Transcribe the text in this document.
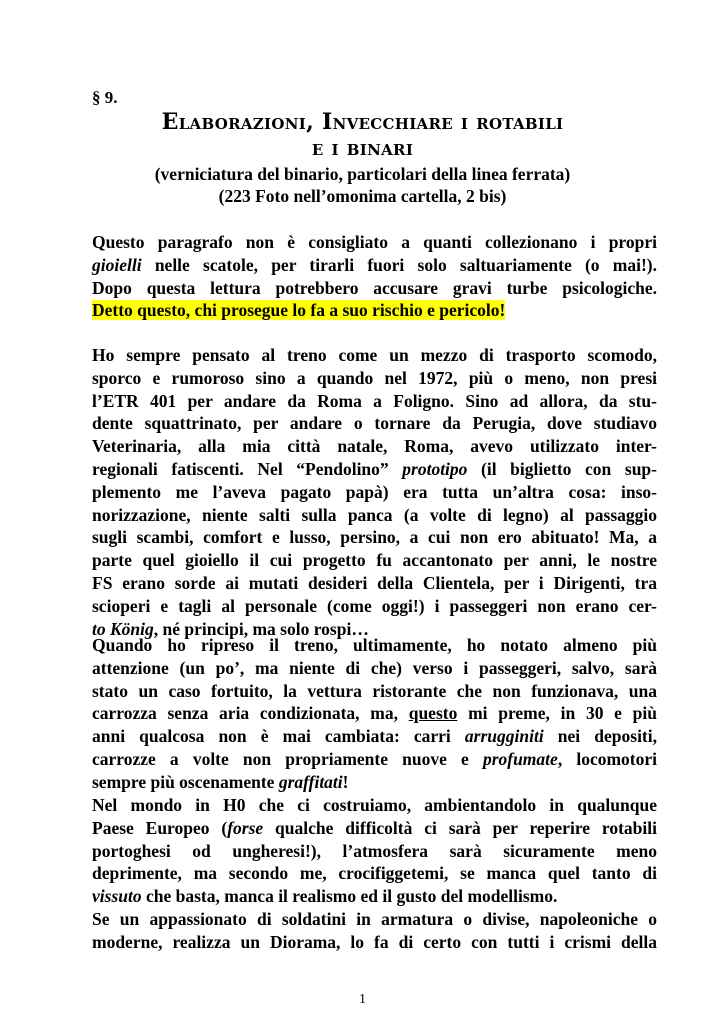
§ 9.
Elaborazioni, Invecchiare i rotabili
e i binari
(verniciatura del binario, particolari della linea ferrata)
(223 Foto nell’omonima cartella, 2 bis)
Questo paragrafo non è consigliato a quanti collezionano i propri
gioielli nelle scatole, per tirarli fuori solo saltuariamente (o mai!).
Dopo questa lettura potrebbero accusare gravi turbe psicologiche.
Detto questo, chi prosegue lo fa a suo rischio e pericolo!
Ho sempre pensato al treno come un mezzo di trasporto scomodo,
sporco e rumoroso sino a quando nel 1972, più o meno, non presi
l’ETR 401 per andare da Roma a Foligno. Sino ad allora, da stu-
dente squattrinato, per andare o tornare da Perugia, dove studiavo
Veterinaria, alla mia città natale, Roma, avevo utilizzato inter-
regionali fatiscenti. Nel “Pendolino” prototipo (il biglietto con sup-
plemento me l’aveva pagato papà) era tutta un’altra cosa: inso-
norizzazione, niente salti sulla panca (a volte di legno) al passaggio
sugli scambi, comfort e lusso, persino, a cui non ero abituato! Ma, a
parte quel gioiello il cui progetto fu accantonato per anni, le nostre
FS erano sorde ai mutati desideri della Clientela, per i Dirigenti, tra
scioperi e tagli al personale (come oggi!) i passeggeri non erano cer-
to König, né principi, ma solo rospi…
Quando ho ripreso il treno, ultimamente, ho notato almeno più
attenzione (un po’, ma niente di che) verso i passeggeri, salvo, sarà
stato un caso fortuito, la vettura ristorante che non funzionava, una
carrozza senza aria condizionata, ma, questo mi preme, in 30 e più
anni qualcosa non è mai cambiata: carri arrugginiti nei depositi,
carrozze a volte non propriamente nuove e profumate, locomotori
sempre più oscenamente graffitati!
Nel mondo in H0 che ci costruiamo, ambientandolo in qualunque
Paese Europeo (forse qualche difficoltà ci sarà per reperire rotabili
portoghesi od ungheresi!), l’atmosfera sarà sicuramente meno
deprimente, ma secondo me, crocifiggetemi, se manca quel tanto di
vissuto che basta, manca il realismo ed il gusto del modellismo.
Se un appassionato di soldatini in armatura o divise, napoleoniche o
moderne, realizza un Diorama, lo fa di certo con tutti i crismi della
1
